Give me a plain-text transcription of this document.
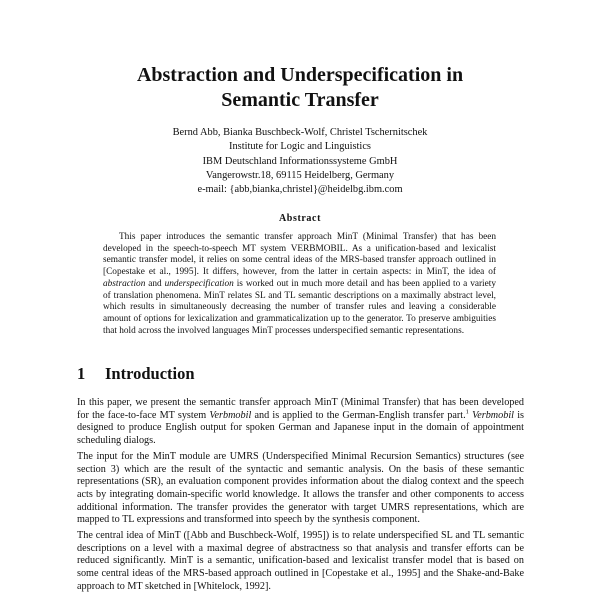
Abstraction and Underspecification in
Semantic Transfer
Bernd Abb, Bianka Buschbeck-Wolf, Christel Tschernitschek
Institute for Logic and Linguistics
IBM Deutschland Informationssysteme GmbH
Vangerowstr.18, 69115 Heidelberg, Germany
e-mail: {abb,bianka,christel}@heidelbg.ibm.com
Abstract
This paper introduces the semantic transfer approach MinT (Minimal Transfer) that has been developed in the speech-to-speech MT system VERBMOBIL. As a unification-based and lexicalist semantic transfer model, it relies on some central ideas of the MRS-based transfer approach outlined in [Copestake et al., 1995]. It differs, however, from the latter in certain aspects: in MinT, the idea of abstraction and underspecification is worked out in much more detail and has been applied to a variety of translation phenomena. MinT relates SL and TL semantic descriptions on a maximally abstract level, which results in simultaneously decreasing the number of transfer rules and leaving a considerable amount of options for lexicalization and grammaticalization up to the generator. To preserve ambiguities that hold across the involved languages MinT processes underspecified semantic representations.
1 Introduction

In this paper, we present the semantic transfer approach MinT (Minimal Transfer) that has been developed for the face-to-face MT system Verbmobil and is applied to the German-English transfer part.$^1$ Verbmobil is designed to produce English output for spoken German and Japanese input in the domain of appointment scheduling dialogs.

The input for the MinT module are UMRS (Underspecified Minimal Recursion Semantics) structures (see section 3) which are the result of the syntactic and semantic analysis. On the basis of these semantic representations (SR), an evaluation component provides information about the dialog context and the speech acts by integrating domain-specific world knowledge. It allows the transfer and other components to access additional information. The transfer provides the generator with target UMRS representations, which are mapped to TL expressions and transformed into speech by the synthesis component.

The central idea of MinT ([Abb and Buschbeck-Wolf, 1995]) is to relate underspecified SL and TL semantic descriptions on a level with a maximal degree of abstractness so that analysis and transfer efforts can be reduced significantly. MinT is a semantic, unification-based and lexicalist transfer model that is based on some central ideas of the MRS-based approach outlined in [Copestake et al., 1995] and the Shake-and-Bake approach to MT sketched in [Whitelock, 1992].
